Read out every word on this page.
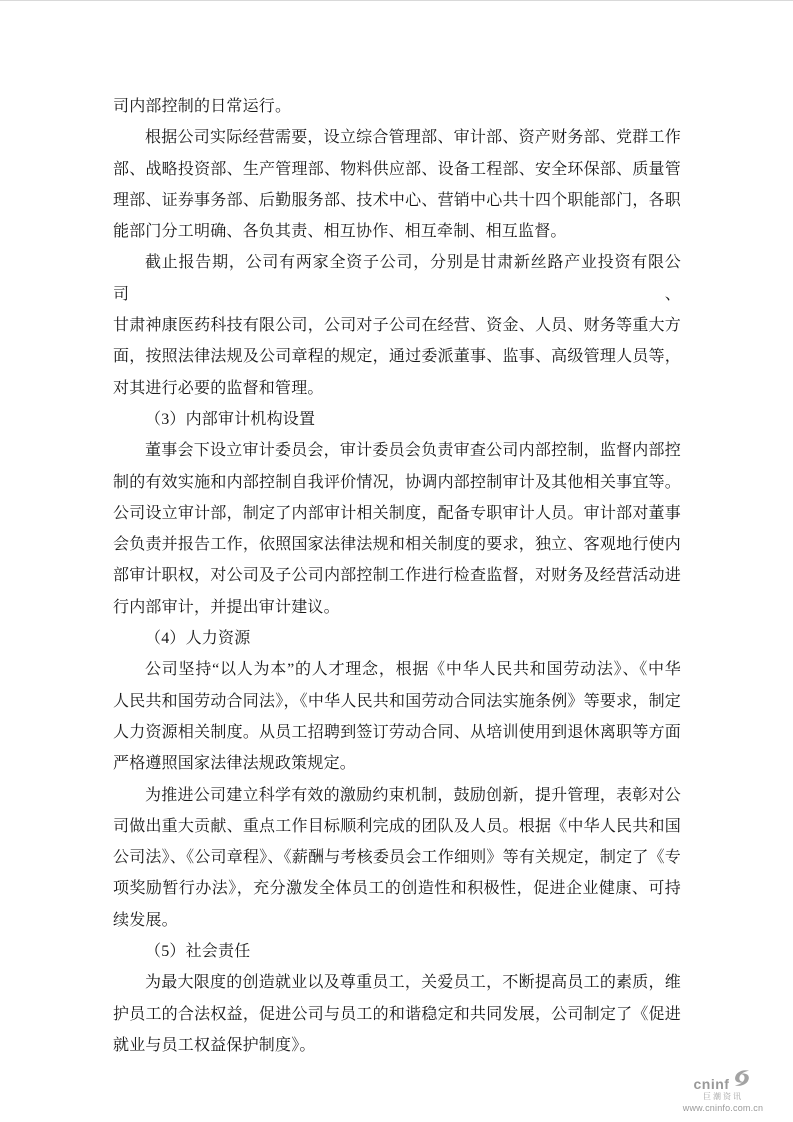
司内部控制的日常运行。
根据公司实际经营需要，设立综合管理部、审计部、资产财务部、党群工作
部、战略投资部、生产管理部、物料供应部、设备工程部、安全环保部、质量管
理部、证券事务部、后勤服务部、技术中心、营销中心共十四个职能部门，各职
能部门分工明确、各负其责、相互协作、相互牵制、相互监督。
截止报告期，公司有两家全资子公司，分别是甘肃新丝路产业投资有限公司、
甘肃神康医药科技有限公司，公司对子公司在经营、资金、人员、财务等重大方
面，按照法律法规及公司章程的规定，通过委派董事、监事、高级管理人员等，
对其进行必要的监督和管理。
（3）内部审计机构设置
董事会下设立审计委员会，审计委员会负责审查公司内部控制，监督内部控
制的有效实施和内部控制自我评价情况，协调内部控制审计及其他相关事宜等。
公司设立审计部，制定了内部审计相关制度，配备专职审计人员。审计部对董事
会负责并报告工作，依照国家法律法规和相关制度的要求，独立、客观地行使内
部审计职权，对公司及子公司内部控制工作进行检查监督，对财务及经营活动进
行内部审计，并提出审计建议。
（4）人力资源
公司坚持“以人为本”的人才理念，根据《中华人民共和国劳动法》、《中华
人民共和国劳动合同法》，《中华人民共和国劳动合同法实施条例》等要求，制定
人力资源相关制度。从员工招聘到签订劳动合同、从培训使用到退休离职等方面
严格遵照国家法律法规政策规定。
为推进公司建立科学有效的激励约束机制，鼓励创新，提升管理，表彰对公
司做出重大贡献、重点工作目标顺利完成的团队及人员。根据《中华人民共和国
公司法》、《公司章程》、《薪酬与考核委员会工作细则》等有关规定，制定了《专
项奖励暂行办法》，充分激发全体员工的创造性和积极性，促进企业健康、可持
续发展。
（5）社会责任
为最大限度的创造就业以及尊重员工，关爱员工，不断提高员工的素质，维
护员工的合法权益，促进公司与员工的和谐稳定和共同发展，公司制定了《促进
就业与员工权益保护制度》。
cninf
巨潮资讯
www.cninfo.com.cn
